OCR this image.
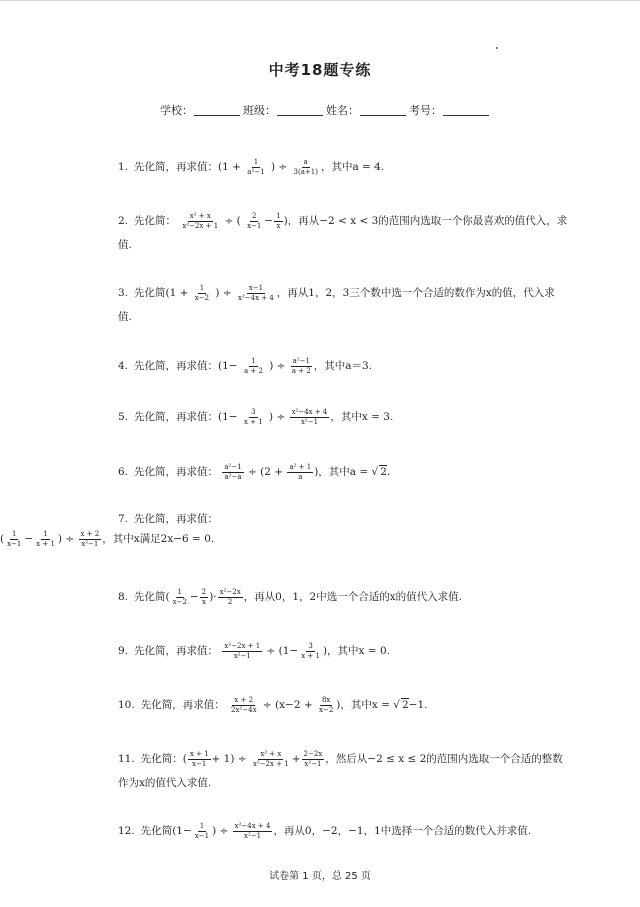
中考18题专练
学校：	班级：	姓名：	考号：
1. 先化简，再求值：($1 + \frac{1}{\text{a²−1}}$ ) ÷ $\frac{a}{3(a+1)}$ ，其中a = 4.
2. 先化简： $\frac{\text{x² + x}}{\text{x²−2x + 1}}$ ÷ ( $\frac{2}{x-1} - \frac{1}{x}$ )，再从−2 < x < 3的范围内选取一个你最喜欢的值代入，求
值.
3. 先化简($1 + \frac{1}{x-2}$ ) ÷ $\frac{x-1}{\text{x²−4x + 4}}$ ，再从1，2，3三个数中选一个合适的数作为x的值，代入求
值.
4. 先化简，再求值：($1- \frac{1}{a + 2}$ ) ÷ $\frac{\text{a²−1}}{a + 2}$ ，其中a＝3.
5. 先化简，再求值：($1- \frac{3}{x + 1}$ ) ÷ $\frac{\text{x²−4x + 4}}{\text{x²−1}}$ ，其中x = 3.
6. 先化简，再求值： $\frac{\text{a²−1}}{\text{a²−a}} \div (2 + \frac{\text{a² + 1}}{a}$ )，其中a = √ 2.
7. 先化简，再求值：
( $\frac{1}{x-1} - \frac{1}{x + 1}$ ) ÷ $\frac{x + 2}{\text{x²−1}}$ ，其中x满足2x−6 = 0.
8. 先化简( $\frac{1}{x-2} - \frac{2}{x}$ )· $\frac{\text{x²−2x}}{2}$ ，再从0，1，2中选一个合适的x的值代入求值.
9. 先化简，再求值： $\frac{\text{x²−2x + 1}}{\text{x²−1}} \div (1- \frac{3}{x + 1}$ )，其中x = 0.
10. 先化简，再求值： $\frac{x + 2}{\text{2x²−4x}} \div (x-2 + \frac{8x}{x-2}$ )，其中x = √ 2−1.
11. 先化简：( $\frac{x + 1}{x-1} + 1) \div \frac{\text{x² + x}}{\text{x²−2x + 1}} + \frac{2-2x}{\text{x²−1}}$ ，然后从−2 ≤ x ≤ 2的范围内选取一个合适的整数
作为x的值代入求值.
12. 先化简($1- \frac{1}{x-1}$ ) ÷ $\frac{\text{x²−4x + 4}}{\text{x²−1}}$ ，再从0，−2，−1，1中选择一个合适的数代入并求值.
试卷第 1 页，总 25 页
